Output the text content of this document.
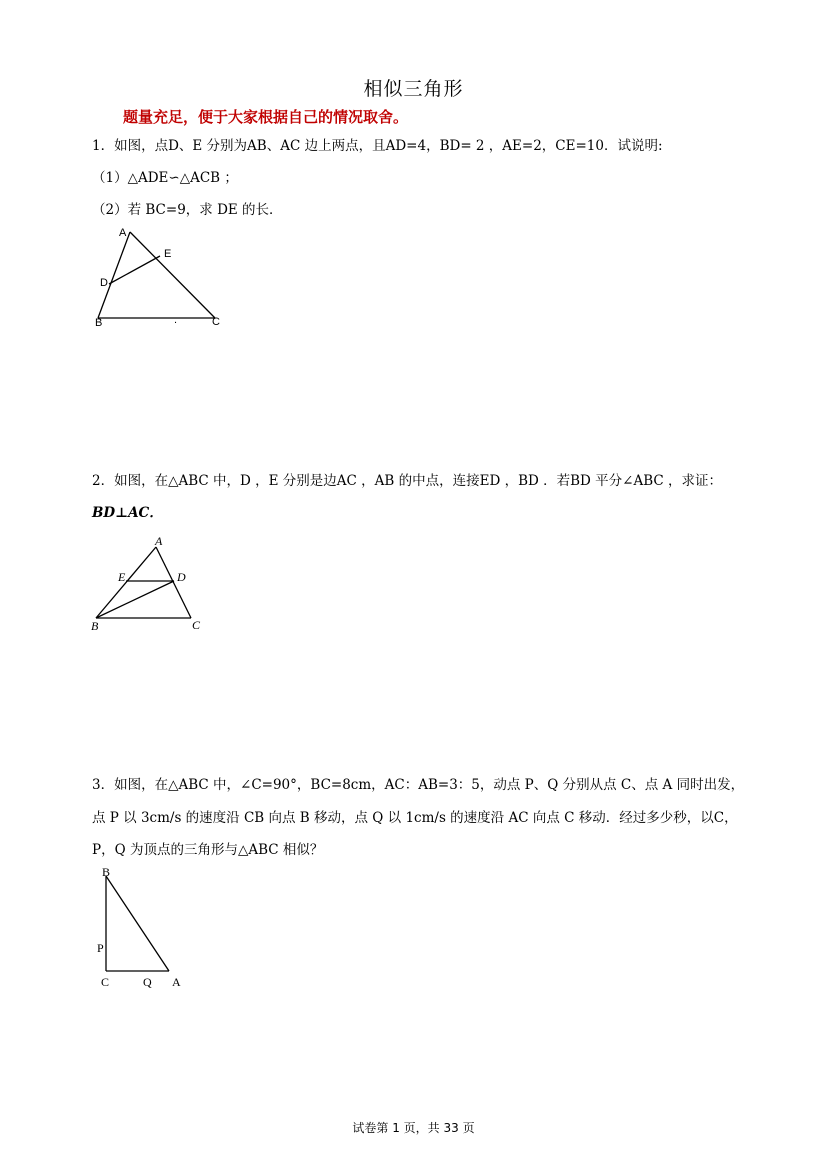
相似三角形
题量充足，便于大家根据自己的情况取舍。
1．如图，点D、E 分别为AB、AC 边上两点，且AD=4，BD= 2 ，AE=2，CE=10．试说明:
（1）△ADE∽△ACB ；
（2）若 BC=9，求 DE 的长．
A
E
D
B	.	C
2．如图，在△ABC 中，D ，E 分别是边AC ，AB 的中点，连接ED ，BD ．若BD 平分∠ABC ，求证：
BD⊥AC．
A
E	D
B	C
3．如图，在△ABC 中，∠C=90°，BC=8cm，AC：AB=3：5，动点 P、Q 分别从点 C、点 A 同时出发，
点 P 以 3cm/s 的速度沿 CB 向点 B 移动，点 Q 以 1cm/s 的速度沿 AC 向点 C 移动．经过多少秒，以C，
P，Q 为顶点的三角形与△ABC 相似？
B
P
C	Q A
试卷第 1 页，共 33 页
